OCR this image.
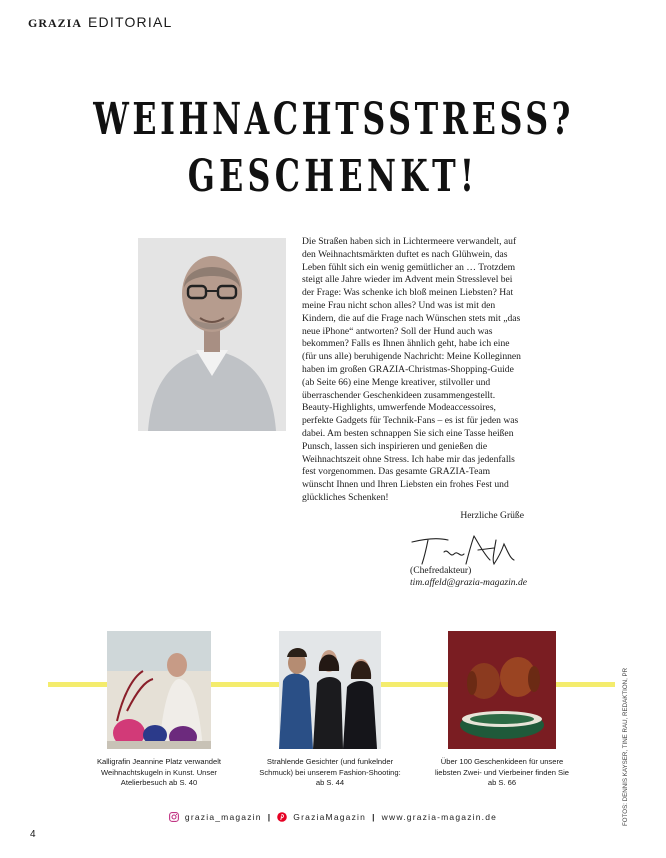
GRAZIA EDITORIAL
WEIHNACHTSSTRESS?
GESCHENKT!
Die Straßen haben sich in Lichtermeere verwandelt, auf den Weihnachtsmärkten duftet es nach Glühwein, das Leben fühlt sich ein wenig gemütlicher an … Trotzdem steigt alle Jahre wieder im Advent mein Stresslevel bei der Frage: Was schenke ich bloß meinen Liebsten? Hat meine Frau nicht schon alles? Und was ist mit den Kindern, die auf die Frage nach Wünschen stets mit „das neue iPhone“ antworten? Soll der Hund auch was bekommen? Falls es Ihnen ähnlich geht, habe ich eine (für uns alle) beruhigende Nachricht: Meine Kolleginnen haben im großen GRAZIA-Christmas-Shopping-Guide (ab Seite 66) eine Menge kreativer, stilvoller und überraschender Geschenkideen zusammengestellt. Beauty-Highlights, umwerfende Modeaccessoires, perfekte Gadgets für Technik-Fans – es ist für jeden was dabei. Am besten schnappen Sie sich eine Tasse heißen Punsch, lassen sich inspirieren und genießen die Weihnachtszeit ohne Stress. Ich habe mir das jedenfalls fest vorgenommen. Das gesamte GRAZIA-Team wünscht Ihnen und Ihren Liebsten ein frohes Fest und glückliches Schenken!
Herzliche Grüße
(Chefredakteur)
tim.affeld@grazia-magazin.de
Kalligrafin Jeannine Platz verwandelt Weihnachtskugeln in Kunst. Unser Atelierbesuch ab S. 40
Strahlende Gesichter (und funkelnder Schmuck) bei unserem Fashion-Shooting: ab S. 44
Über 100 Geschenkideen für unsere liebsten Zwei- und Vierbeiner finden Sie ab S. 66	FOTOS: DENNIS KAYSER, TINE RAU, REDAKTION, PR
grazia_magazin |	GraziaMagazin | www.grazia-magazin.de
4
